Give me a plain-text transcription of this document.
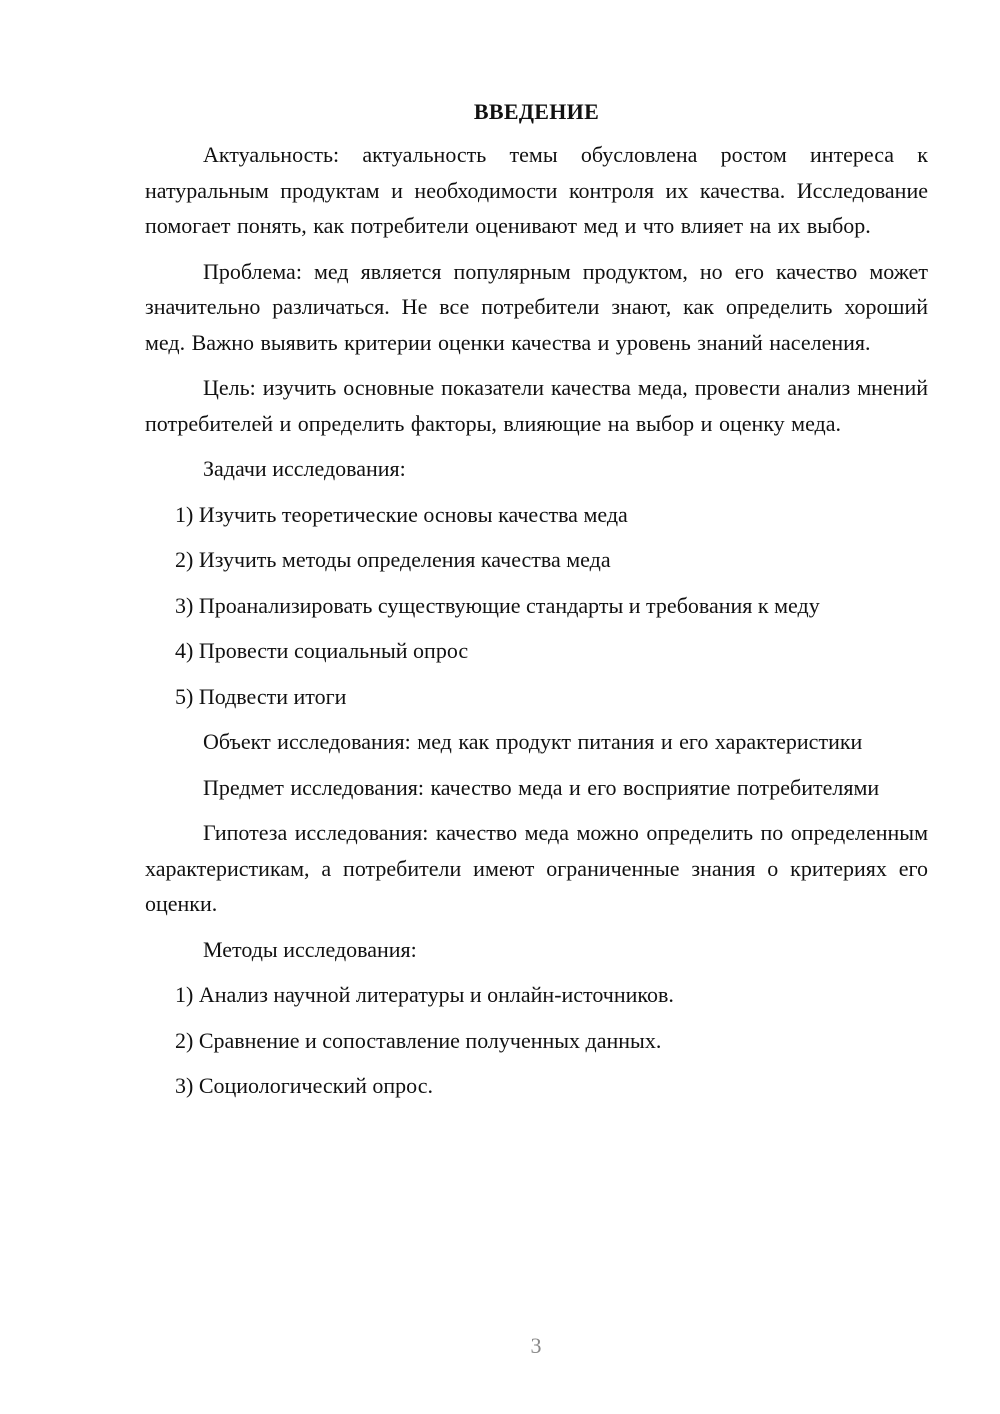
ВВЕДЕНИЕ

Актуальность: актуальность темы обусловлена ростом интереса к натуральным продуктам и необходимости контроля их качества. Исследование помогает понять, как потребители оценивают мед и что влияет на их выбор.

Проблема: мед является популярным продуктом, но его качество может значительно различаться. Не все потребители знают, как определить хороший мед. Важно выявить критерии оценки качества и уровень знаний населения.

Цель: изучить основные показатели качества меда, провести анализ мнений потребителей и определить факторы, влияющие на выбор и оценку меда.

Задачи исследования:

1) Изучить теоретические основы качества меда

2) Изучить методы определения качества меда

3) Проанализировать существующие стандарты и требования к меду

4) Провести социальный опрос

5) Подвести итоги

Объект исследования: мед как продукт питания и его характеристики

Предмет исследования: качество меда и его восприятие потребителями

Гипотеза исследования: качество меда можно определить по определенным характеристикам, а потребители имеют ограниченные знания о критериях его оценки.

Методы исследования:

1) Анализ научной литературы и онлайн-источников.

2) Сравнение и сопоставление полученных данных.

3) Социологический опрос.

3
